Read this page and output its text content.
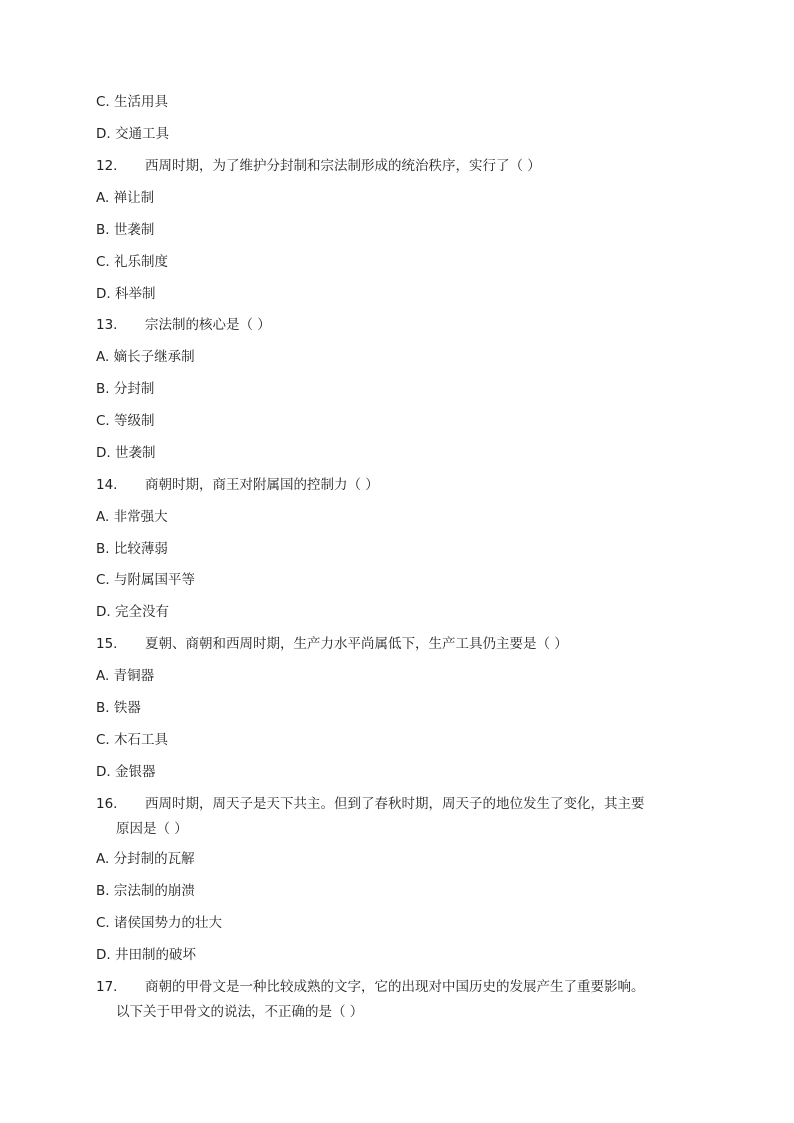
C. 生活用具
D. 交通工具
12. 西周时期，为了维护分封制和宗法制形成的统治秩序，实行了（ ）
A. 禅让制
B. 世袭制
C. 礼乐制度
D. 科举制
13. 宗法制的核心是（ ）
A. 嫡长子继承制
B. 分封制
C. 等级制
D. 世袭制
14. 商朝时期，商王对附属国的控制力（ ）
A. 非常强大
B. 比较薄弱
C. 与附属国平等
D. 完全没有
15. 夏朝、商朝和西周时期，生产力水平尚属低下，生产工具仍主要是（ ）
A. 青铜器
B. 铁器
C. 木石工具
D. 金银器
16. 西周时期，周天子是天下共主。但到了春秋时期，周天子的地位发生了变化，其主要
原因是（ ）
A. 分封制的瓦解
B. 宗法制的崩溃
C. 诸侯国势力的壮大
D. 井田制的破坏
17. 商朝的甲骨文是一种比较成熟的文字，它的出现对中国历史的发展产生了重要影响。
以下关于甲骨文的说法，不正确的是（ ）
